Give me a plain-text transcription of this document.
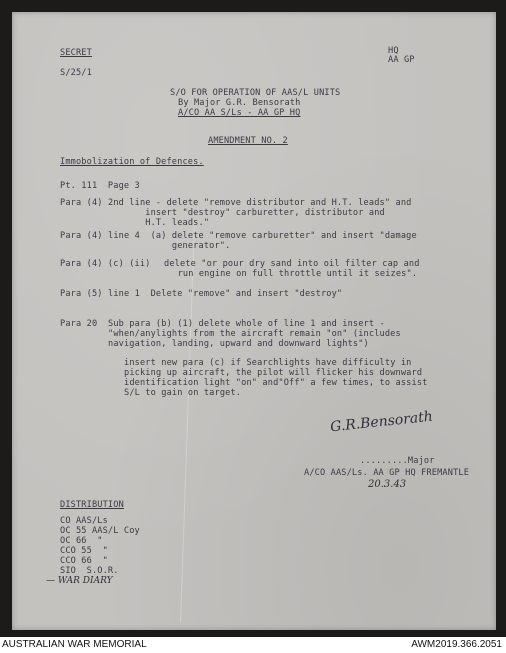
SECRET
S/25/1
HQ
AA GP
S/O FOR OPERATION OF AAS/L UNITS
By Major G.R. Bensorath
A/CO AA S/Ls - AA GP HQ
AMENDMENT NO. 2
Immobolization of Defences.
Pt. 111  Page 3
Para (4) 2nd line - delete "remove distributor and H.T. leads" and
insert "destroy" carburetter, distributor and
H.T. leads."
Para (4) line 4  (a) delete "remove carburetter" and insert "damage
generator".
Para (4) (c) (ii) delete "or pour dry sand into oil filter cap and
run engine on full throttle until it seizes".
Para (5) line 1  Delete "remove" and insert "destroy"
Para 20 Sub para (b) (1) delete whole of line 1 and insert -
"when/anylights from the aircraft remain "on" (includes
navigation, landing, upward and downward lights")
insert new para (c) if Searchlights have difficulty in
picking up aircraft, the pilot will flicker his downward
identification light "on" and"Off" a few times, to assist
S/L to gain on target.
G.R.Bensorath
.........Major
A/CO AAS/Ls. AA GP HQ FREMANTLE
20.3.43
DISTRIBUTION
CO AAS/Ls
OC 55 AAS/L Coy
OC 66  "
CCO 55  "
CCO 66  "
SIO  S.O.R.
— WAR DIARY
AUSTRALIAN WAR MEMORIAL	AWM2019.366.2051
